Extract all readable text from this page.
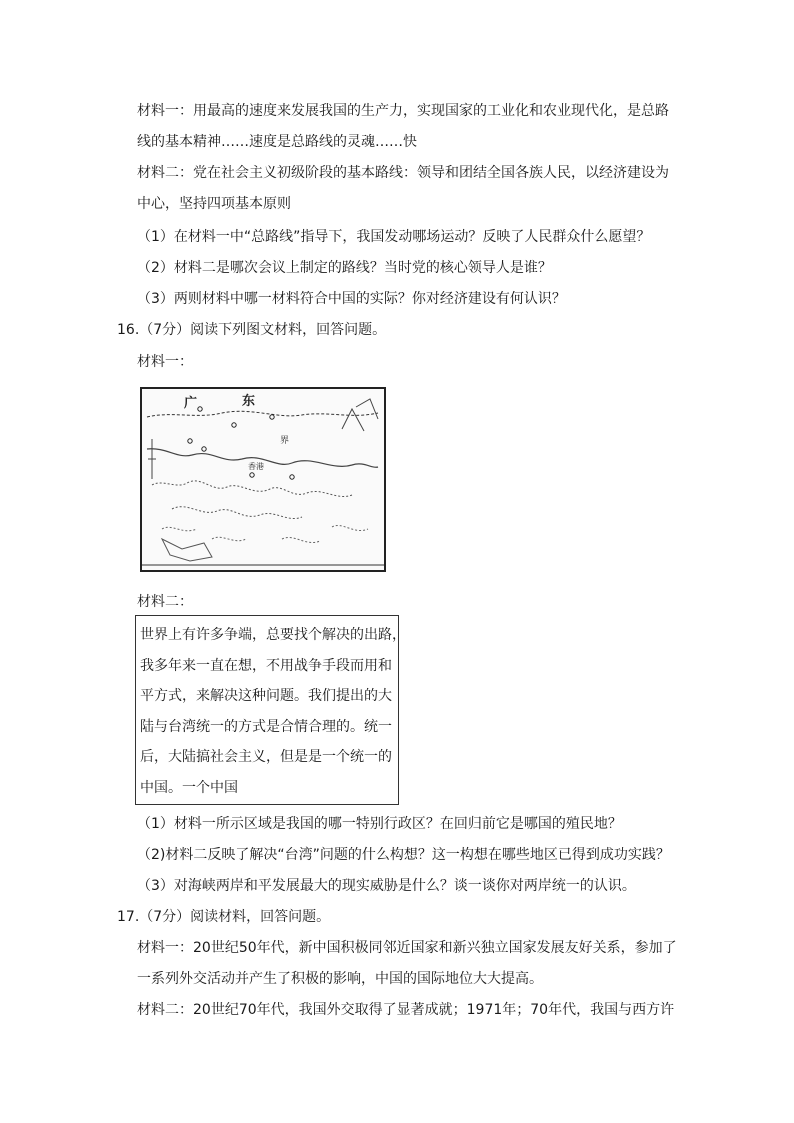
材料一：用最高的速度来发展我国的生产力，实现国家的工业化和农业现代化，是总路
线的基本精神……速度是总路线的灵魂……快
材料二：党在社会主义初级阶段的基本路线：领导和团结全国各族人民，以经济建设为
中心，坚持四项基本原则
（1）在材料一中“总路线”指导下，我国发动哪场运动？反映了人民群众什么愿望？
（2）材料二是哪次会议上制定的路线？当时党的核心领导人是谁？
（3）两则材料中哪一材料符合中国的实际？你对经济建设有何认识？
16.（7分）阅读下列图文材料，回答问题。
材料一：
广	东
界
香港
材料二：
世界上有许多争端，总要找个解决的出路，
我多年来一直在想，不用战争手段而用和
平方式，来解决这种问题。我们提出的大
陆与台湾统一的方式是合情合理的。统一
后，大陆搞社会主义，但是是一个统一的
中国。一个中国
（1）材料一所示区域是我国的哪一特别行政区？在回归前它是哪国的殖民地？
（2)材料二反映了解决“台湾”问题的什么构想？这一构想在哪些地区已得到成功实践？
（3）对海峡两岸和平发展最大的现实威胁是什么？谈一谈你对两岸统一的认识。
17.（7分）阅读材料，回答问题。
材料一：20世纪50年代，新中国积极同邻近国家和新兴独立国家发展友好关系，参加了
一系列外交活动并产生了积极的影响，中国的国际地位大大提高。
材料二：20世纪70年代，我国外交取得了显著成就；1971年；70年代，我国与西方许
